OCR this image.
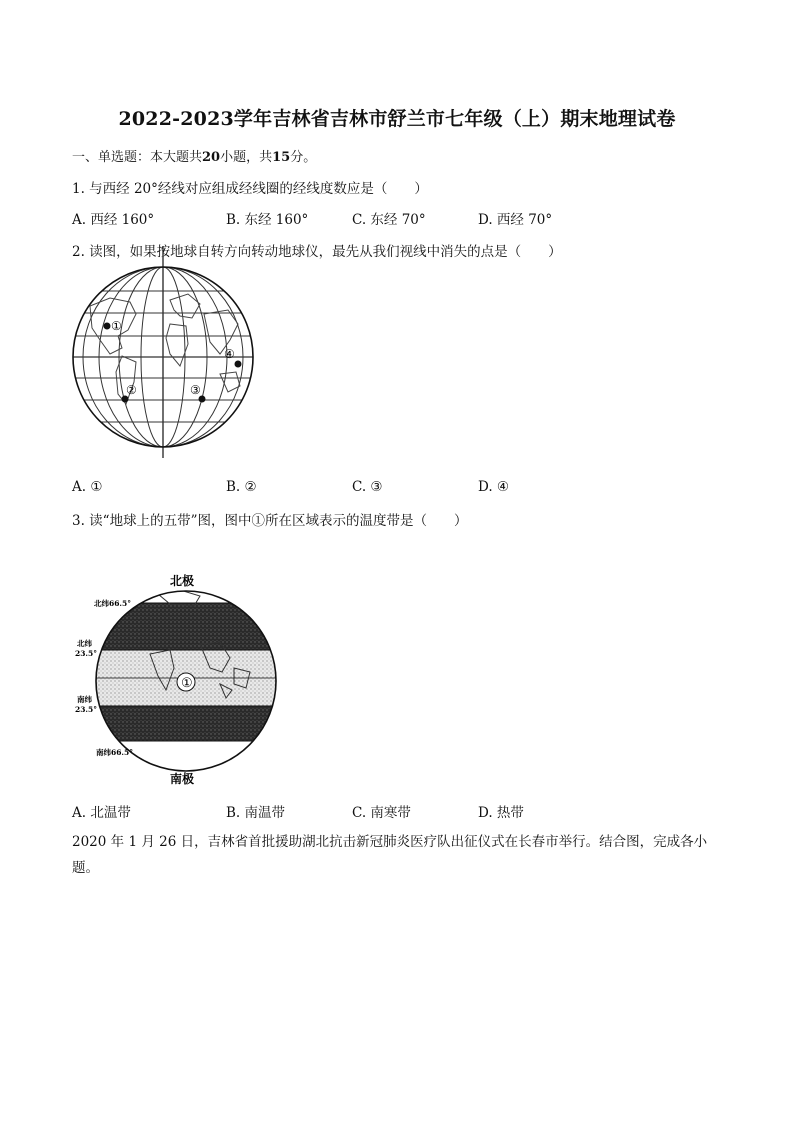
2022-2023学年吉林省吉林市舒兰市七年级（上）期末地理试卷
一、单选题：本大题共20小题，共15分。
1. 与西经 20°经线对应组成经线圈的经线度数应是（　　）
A. 西经 160°	B. 东经 160°	C. 东经 70°	D. 西经 70°
2. 读图，如果按地球自转方向转动地球仪，最先从我们视线中消失的点是（　　）
①
②	③
④
A. ①	B. ②	C. ③	D. ④
3. 读“地球上的五带”图，图中①所在区域表示的温度带是（　　）
①
北极
南极
北纬66.5°
北纬
23.5°
南纬
23.5°
南纬66.5°
A. 北温带	B. 南温带	C. 南寒带	D. 热带
2020 年 1 月 26 日，吉林省首批援助湖北抗击新冠肺炎医疗队出征仪式在长春市举行。结合图，完成各小
题。
